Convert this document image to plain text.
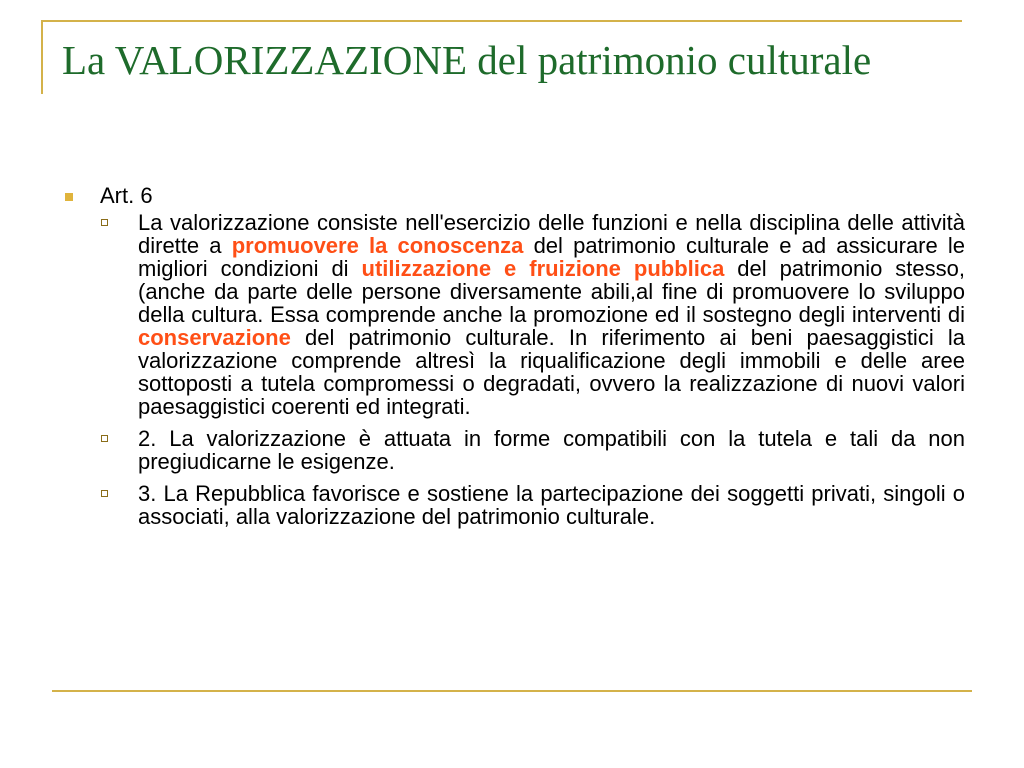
La VALORIZZAZIONE del patrimonio culturale
Art. 6
La valorizzazione consiste nell'esercizio delle funzioni e nella disciplina delle attività dirette a promuovere la conoscenza del patrimonio culturale e ad assicurare le migliori condizioni di utilizzazione e fruizione pubblica del patrimonio stesso, (anche da parte delle persone diversamente abili,al fine di promuovere lo sviluppo della cultura. Essa comprende anche la promozione ed il sostegno degli interventi di conservazione del patrimonio culturale. In riferimento ai beni paesaggistici la valorizzazione comprende altresì la riqualificazione degli immobili e delle aree sottoposti a tutela compromessi o degradati, ovvero la realizzazione di nuovi valori paesaggistici coerenti ed integrati.
2. La valorizzazione è attuata in forme compatibili con la tutela e tali da non pregiudicarne le esigenze.
3. La Repubblica favorisce e sostiene la partecipazione dei soggetti privati, singoli o associati, alla valorizzazione del patrimonio culturale.
